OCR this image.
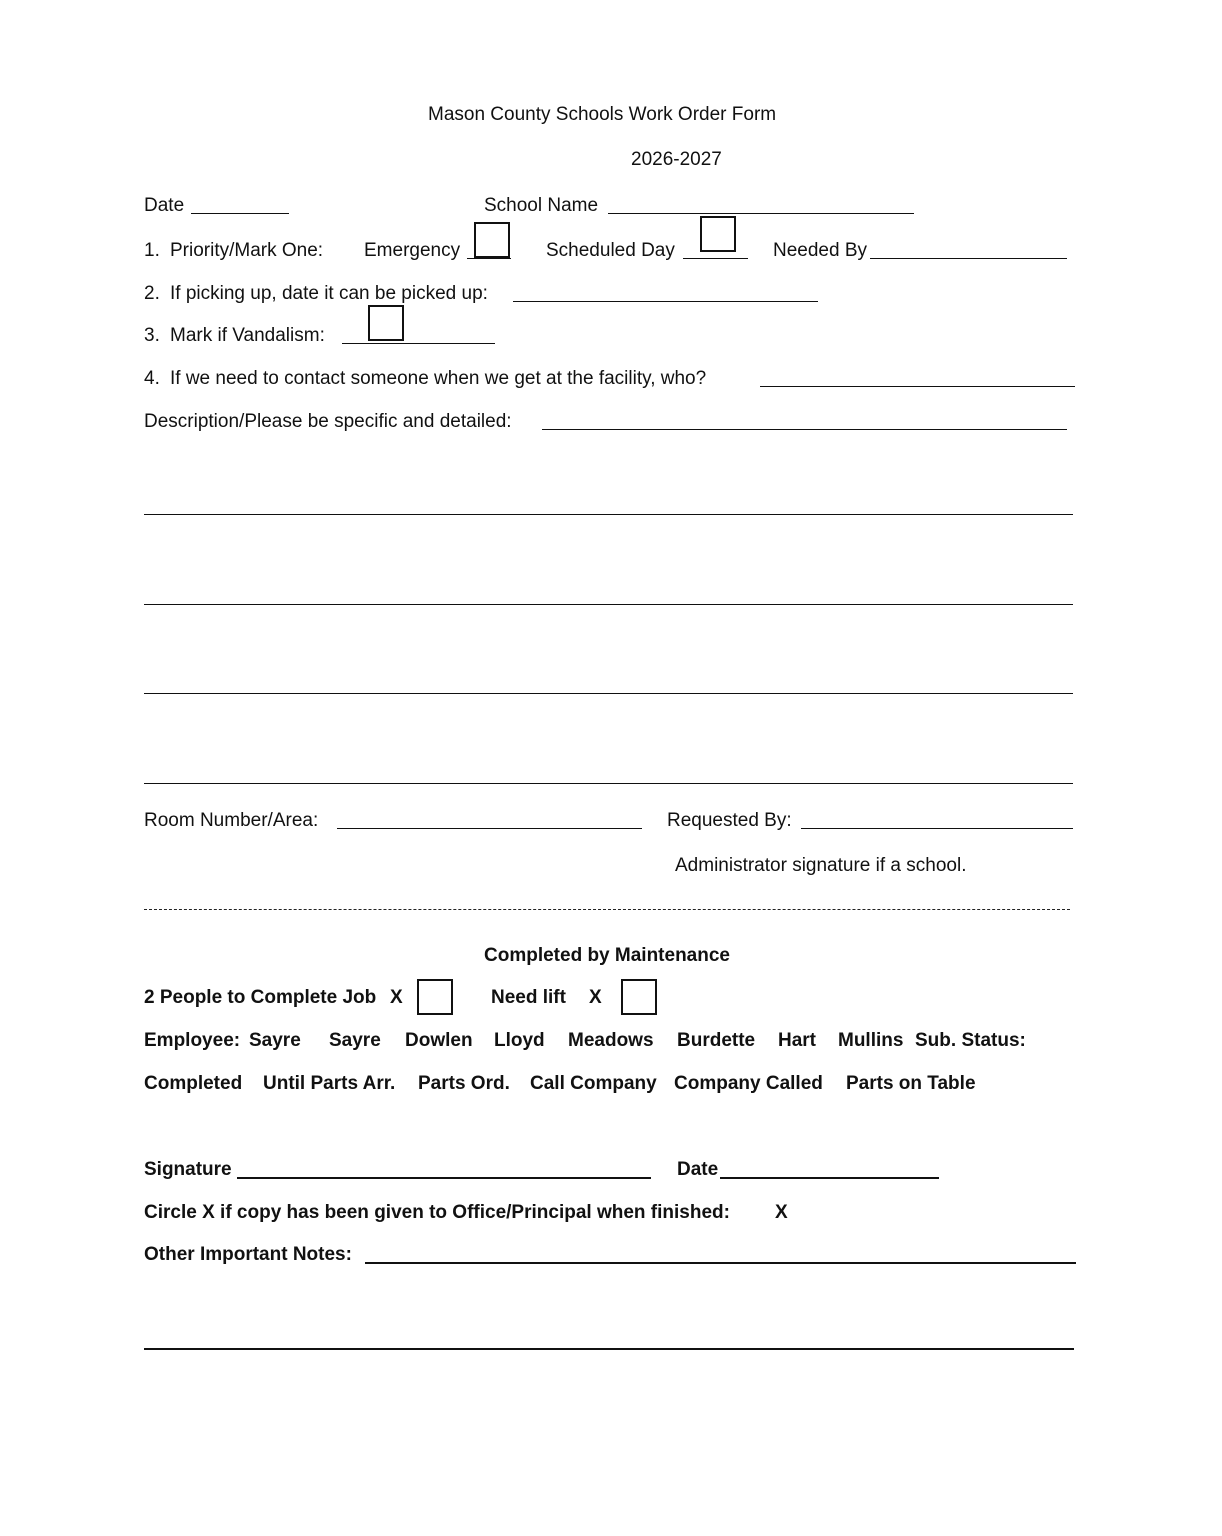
Mason County Schools Work Order Form
2026-2027
Date	School Name
1. Priority/Mark One: Emergency	Scheduled Day	Needed By
2. If picking up, date it can be picked up:
3. Mark if Vandalism:
4. If we need to contact someone when we get at the facility, who?
Description/Please be specific and detailed:
Room Number/Area:	Requested By:
Administrator signature if a school.
Completed by Maintenance
2 People to Complete Job X	Need lift X
Employee: Sayre Sayre Dowlen Lloyd Meadows Burdette Hart Mullins Sub. Status:
Completed Until Parts Arr. Parts Ord. Call Company Company Called Parts on Table
Signature	Date
Circle X if copy has been given to Office/Principal when finished: X
Other Important Notes:
